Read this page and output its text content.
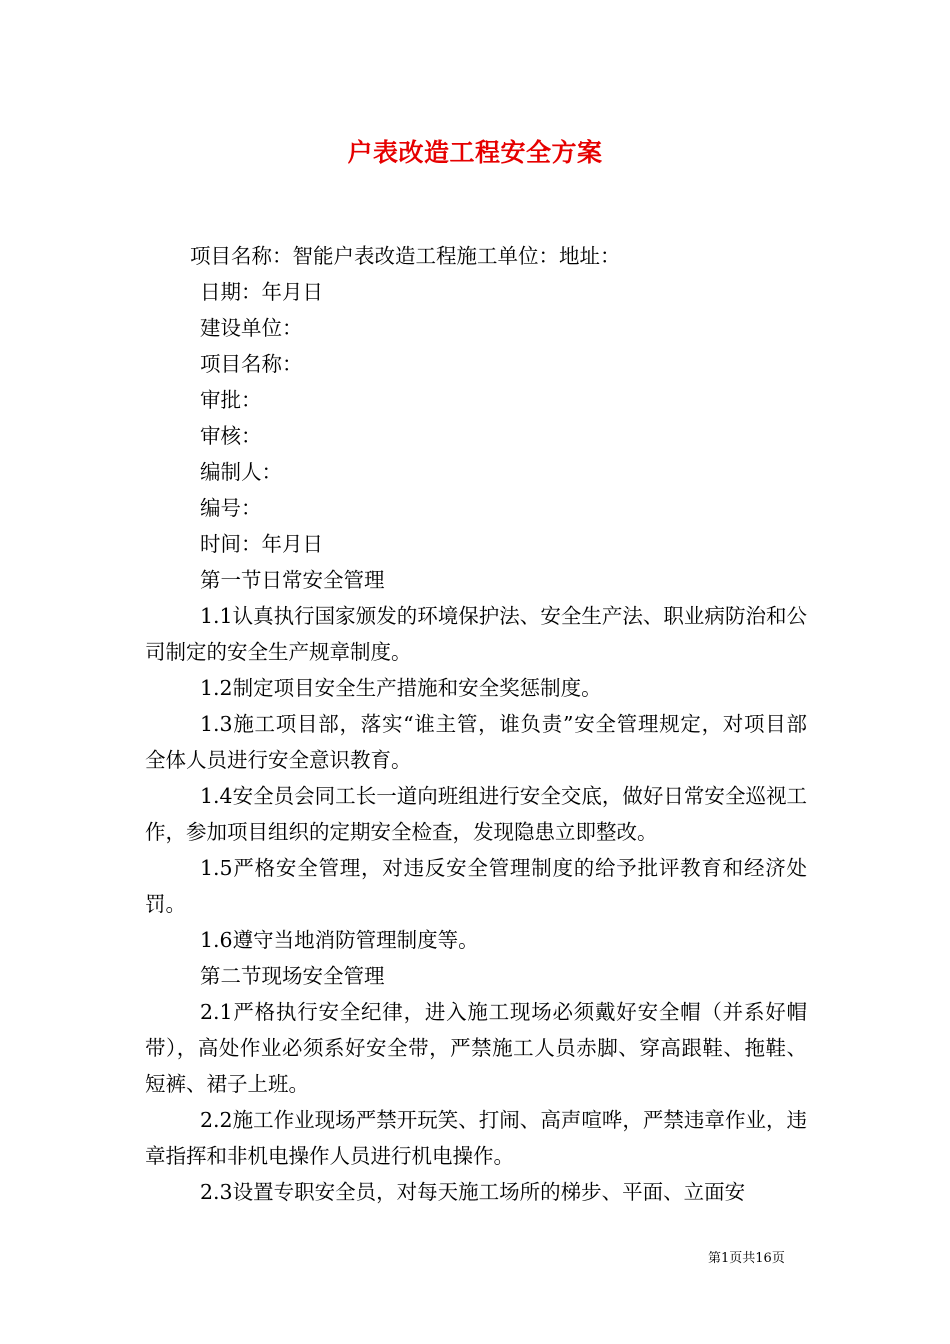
户表改造工程安全方案
项目名称：智能户表改造工程施工单位：地址：
日期：年月日
建设单位：
项目名称：
审批：
审核：
编制人：
编号：
时间：年月日
第一节日常安全管理
1.1认真执行国家颁发的环境保护法、安全生产法、职业病防治和公司制定的安全生产规章制度。
1.2制定项目安全生产措施和安全奖惩制度。
1.3施工项目部，落实“谁主管，谁负责”安全管理规定，对项目部全体人员进行安全意识教育。
1.4安全员会同工长一道向班组进行安全交底，做好日常安全巡视工作，参加项目组织的定期安全检查，发现隐患立即整改。
1.5严格安全管理，对违反安全管理制度的给予批评教育和经济处罚。
1.6遵守当地消防管理制度等。
第二节现场安全管理
2.1严格执行安全纪律，进入施工现场必须戴好安全帽（并系好帽带），高处作业必须系好安全带，严禁施工人员赤脚、穿高跟鞋、拖鞋、短裤、裙子上班。
2.2施工作业现场严禁开玩笑、打闹、高声喧哗，严禁违章作业，违章指挥和非机电操作人员进行机电操作。
2.3设置专职安全员，对每天施工场所的梯步、平面、立面安
第1页共16页
